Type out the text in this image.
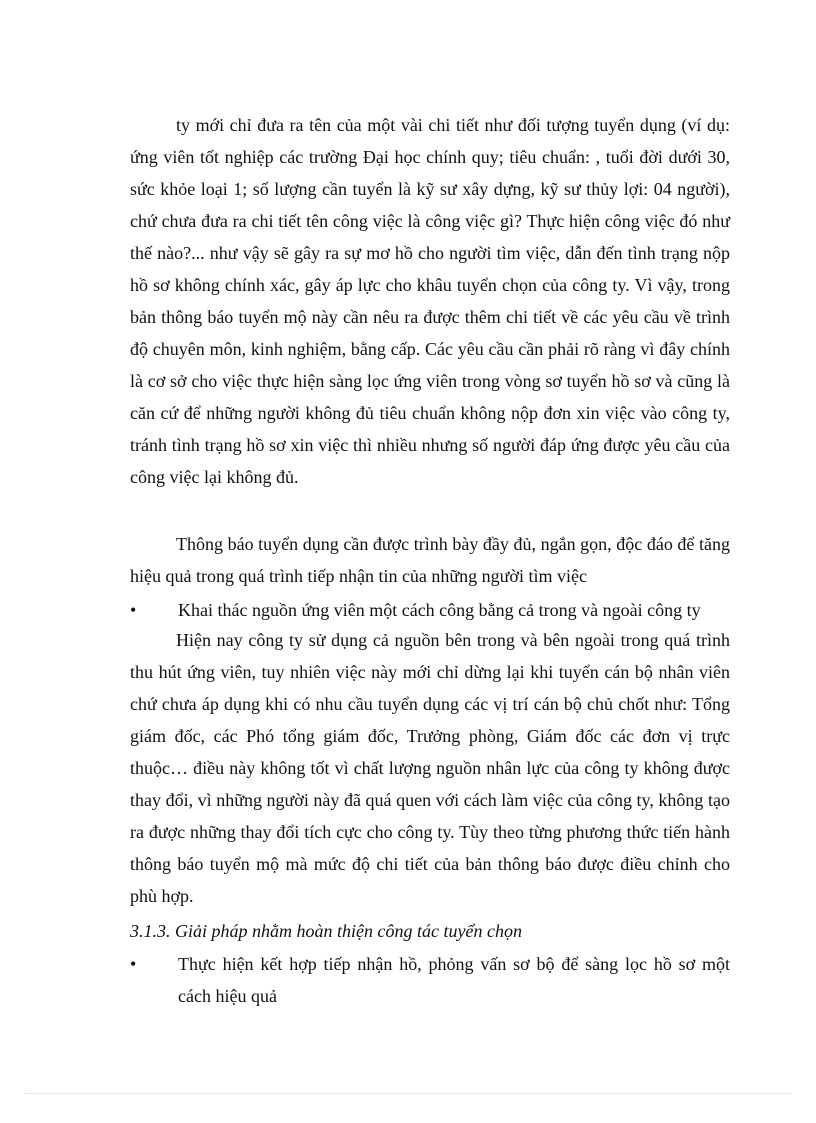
ty mới chỉ đưa ra tên của một vài chi tiết như đối tượng tuyển dụng (ví dụ: ứng viên tốt nghiệp các trường Đại học chính quy; tiêu chuẩn: , tuổi đời dưới 30, sức khỏe loại 1; số lượng cần tuyển là kỹ sư xây dựng, kỹ sư thủy lợi: 04 người), chứ chưa đưa ra chi tiết tên công việc là công việc gì? Thực hiện công việc đó như thế nào?... như vậy sẽ gây ra sự mơ hồ cho người tìm việc, dẫn đến tình trạng nộp hồ sơ không chính xác, gây áp lực cho khâu tuyển chọn của công ty. Vì vậy, trong bản thông báo tuyển mộ này cần nêu ra được thêm chi tiết về các yêu cầu về trình độ chuyên môn, kinh nghiệm, bằng cấp. Các yêu cầu cần phải rõ ràng vì đây chính là cơ sở cho việc thực hiện sàng lọc ứng viên trong vòng sơ tuyển hồ sơ và cũng là căn cứ để những người không đủ tiêu chuẩn không nộp đơn xin việc vào công ty, tránh tình trạng hồ sơ xin việc thì nhiều nhưng số người đáp ứng được yêu cầu của công việc lại không đủ.
Thông báo tuyển dụng cần được trình bày đầy đủ, ngắn gọn, độc đáo để tăng hiệu quả trong quá trình tiếp nhận tin của những người tìm việc
•	Khai thác nguồn ứng viên một cách công bằng cả trong và ngoài công ty
Hiện nay công ty sử dụng cả nguồn bên trong và bên ngoài trong quá trình thu hút ứng viên, tuy nhiên việc này mới chỉ dừng lại khi tuyển cán bộ nhân viên chứ chưa áp dụng khi có nhu cầu tuyển dụng các vị trí cán bộ chủ chốt như: Tổng giám đốc, các Phó tổng giám đốc, Trưởng phòng, Giám đốc các đơn vị trực thuộc… điều này không tốt vì chất lượng nguồn nhân lực của công ty không được thay đổi, vì những người này đã quá quen với cách làm việc của công ty, không tạo ra được những thay đổi tích cực cho công ty. Tùy theo từng phương thức tiến hành thông báo tuyển mộ mà mức độ chi tiết của bản thông báo được điều chỉnh cho phù hợp.
3.1.3. Giải pháp nhằm hoàn thiện công tác tuyển chọn
•	Thực hiện kết hợp tiếp nhận hồ, phỏng vấn sơ bộ để sàng lọc hồ sơ một cách hiệu quả
